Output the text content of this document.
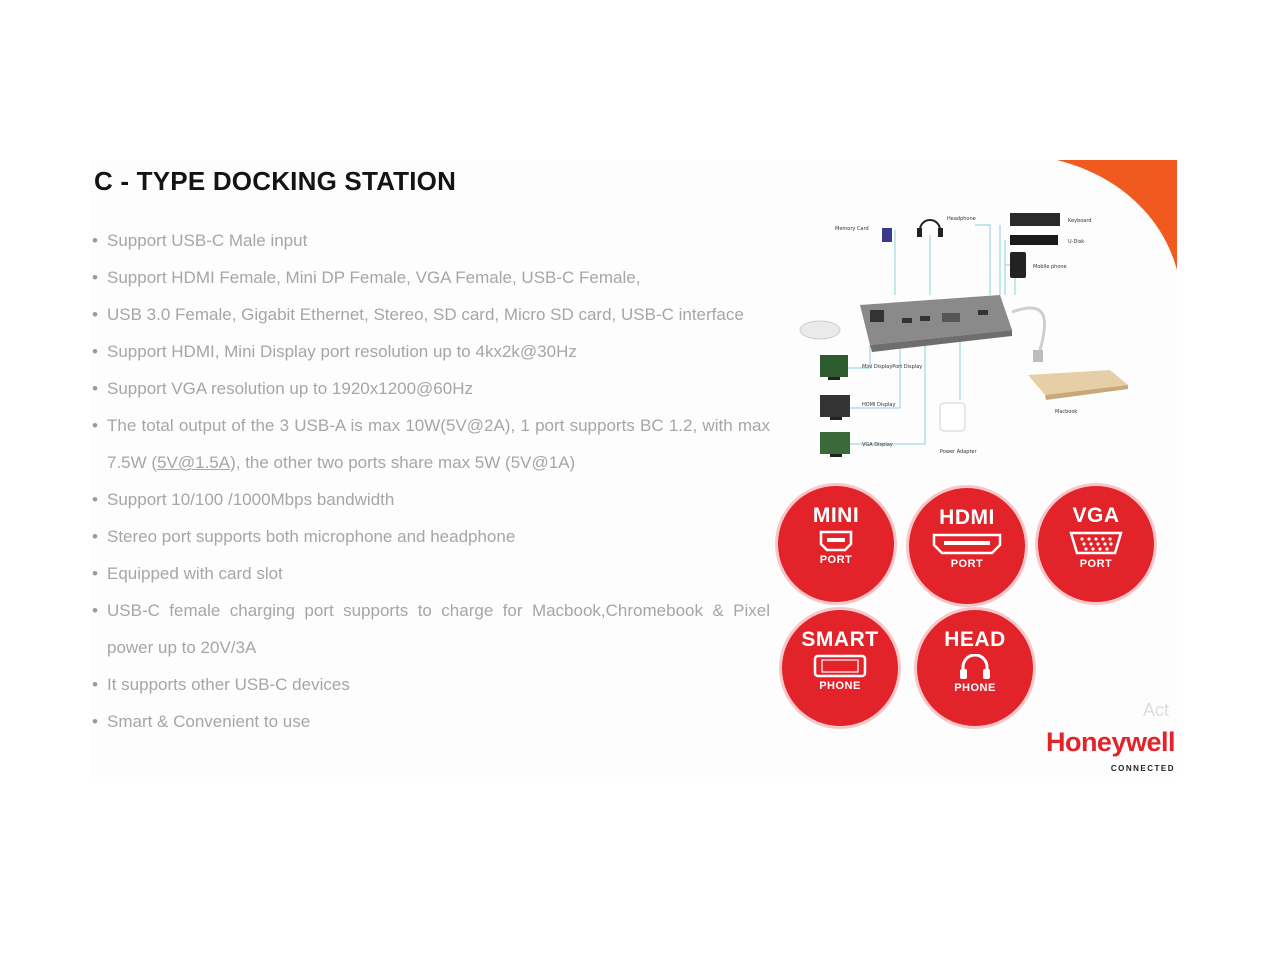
C - TYPE DOCKING STATION
• Support USB-C Male input
• Support HDMI Female, Mini DP Female, VGA Female, USB-C Female,
• USB 3.0 Female, Gigabit Ethernet, Stereo, SD card, Micro SD card, USB-C interface
• Support HDMI, Mini Display port resolution up to 4kx2k@30Hz
• Support VGA resolution up to 1920x1200@60Hz
• The total output of the 3 USB-A is max 10W(5V@2A), 1 port supports BC 1.2, with max 7.5W (5V@1.5A), the other two ports share max 5W (5V@1A)
• Support 10/100 /1000Mbps bandwidth
• Stereo port supports both microphone and headphone
• Equipped with card slot
• USB-C female charging port supports to charge for Macbook,Chromebook & Pixel power up to 20V/3A
• It supports other USB-C devices
• Smart & Convenient to use
Memory Card
Headphone	Keyboard
U-Disk
Mobile phone
Mini DisplayPort Display
HDMI Display
VGA Display
Power Adapter
Macbook
MINI
PORT
HDMI
PORT
VGA
PORT
SMART
PHONE
HEAD
PHONE
Act
Honeywell
CONNECTED
